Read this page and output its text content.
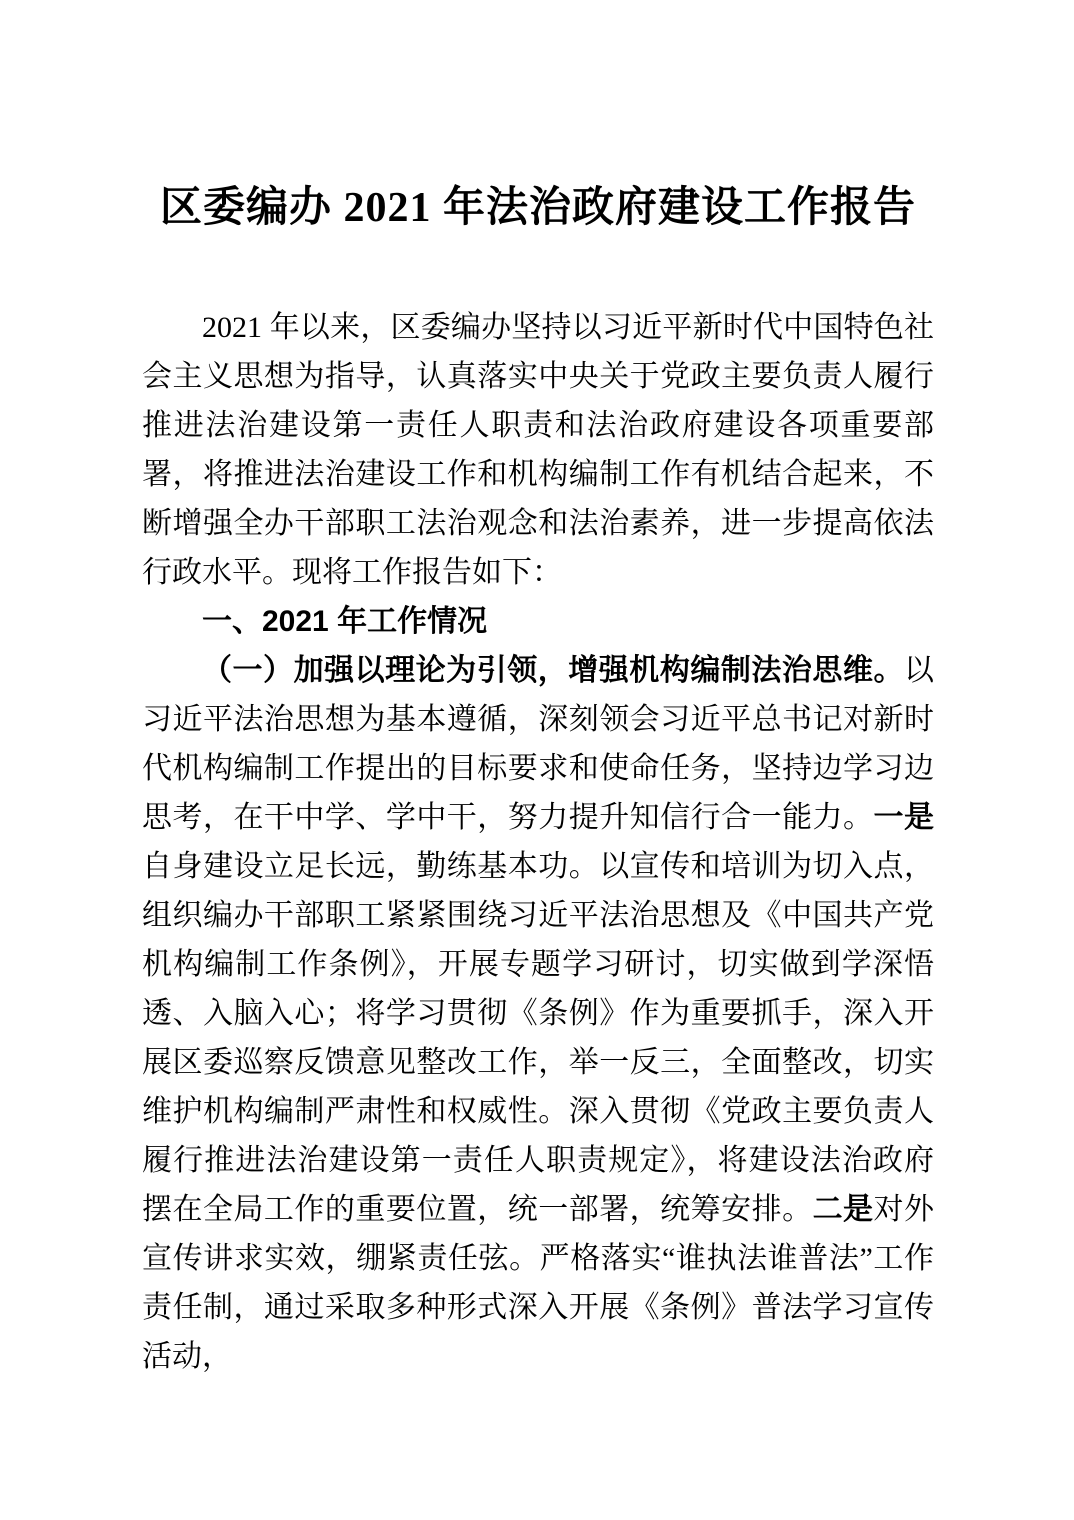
区委编办 2021 年法治政府建设工作报告

2021 年以来，区委编办坚持以习近平新时代中国特色社会主义思想为指导，认真落实中央关于党政主要负责人履行推进法治建设第一责任人职责和法治政府建设各项重要部署，将推进法治建设工作和机构编制工作有机结合起来，不断增强全办干部职工法治观念和法治素养，进一步提高依法行政水平。现将工作报告如下：

一、2021 年工作情况

（一）加强以理论为引领，增强机构编制法治思维。以习近平法治思想为基本遵循，深刻领会习近平总书记对新时代机构编制工作提出的目标要求和使命任务，坚持边学习边思考，在干中学、学中干，努力提升知信行合一能力。一是自身建设立足长远，勤练基本功。以宣传和培训为切入点，组织编办干部职工紧紧围绕习近平法治思想及《中国共产党机构编制工作条例》，开展专题学习研讨，切实做到学深悟透、入脑入心；将学习贯彻《条例》作为重要抓手，深入开展区委巡察反馈意见整改工作，举一反三，全面整改，切实维护机构编制严肃性和权威性。深入贯彻《党政主要负责人履行推进法治建设第一责任人职责规定》，将建设法治政府摆在全局工作的重要位置，统一部署，统筹安排。二是对外宣传讲求实效，绷紧责任弦。严格落实“谁执法谁普法”工作责任制，通过采取多种形式深入开展《条例》普法学习宣传活动，
